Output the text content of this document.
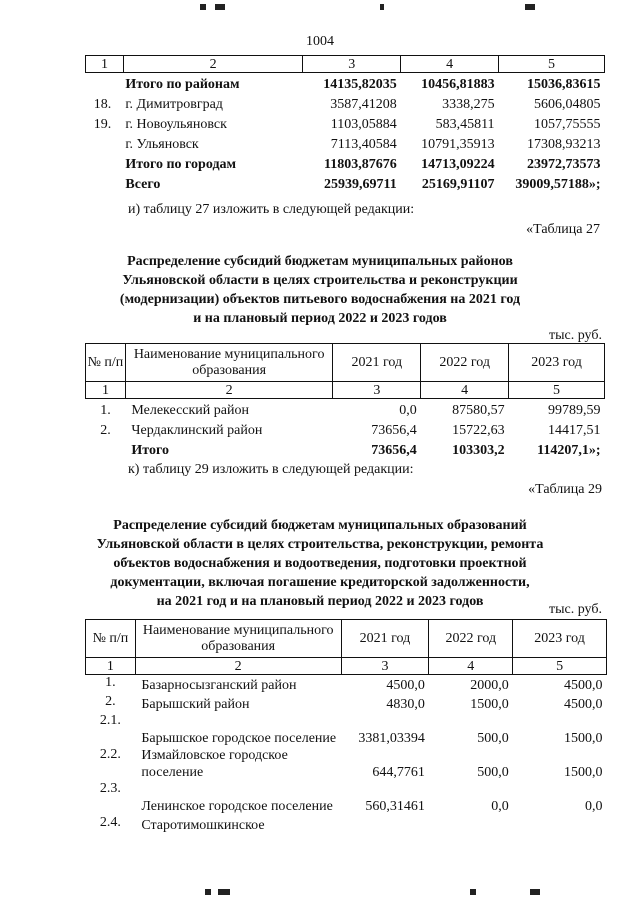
1004
1	2	3	4	5
	Итого по районам	14135,82035	10456,81883	15036,83615
18.	г. Димитровград	3587,41208	3338,275	5606,04805
19.	г. Новоульяновск	1103,05884	583,45811	1057,75555
	г. Ульяновск	7113,40584	10791,35913	17308,93213
	Итого по городам	11803,87676	14713,09224	23972,73573
	Всего	25939,69711	25169,91107	39009,57188»;
и) таблицу 27 изложить в следующей редакции:
«Таблица 27
Распределение субсидий бюджетам муниципальных районов
Ульяновской области в целях строительства и реконструкции
(модернизации) объектов питьевого водоснабжения на 2021 год
и на плановый период 2022 и 2023 годов
тыс. руб.
№ п/п	Наименование муниципального образования	2021 год	2022 год	2023 год
1	2	3	4	5
1.	Мелекесский район	0,0	87580,57	99789,59
2.	Чердаклинский район	73656,4	15722,63	14417,51
	Итого	73656,4	103303,2	114207,1»;
к) таблицу 29 изложить в следующей редакции:
«Таблица 29
Распределение субсидий бюджетам муниципальных образований
Ульяновской области в целях строительства, реконструкции, ремонта
объектов водоснабжения и водоотведения, подготовки проектной
документации, включая погашение кредиторской задолженности,
на 2021 год и на плановый период 2022 и 2023 годов
тыс. руб.
№ п/п	Наименование муниципального образования	2021 год	2022 год	2023 год
1	2	3	4	5
1.	Базарносызганский район	4500,0	2000,0	4500,0
2.	Барышский район	4830,0	1500,0	4500,0
2.1.	Барышское городское поселение	3381,03394	500,0	1500,0
2.2.	Измайловское городское поселение	644,7761	500,0	1500,0
2.3.	Ленинское городское поселение	560,31461	0,0	0,0
2.4.	Старотимошкинское			
